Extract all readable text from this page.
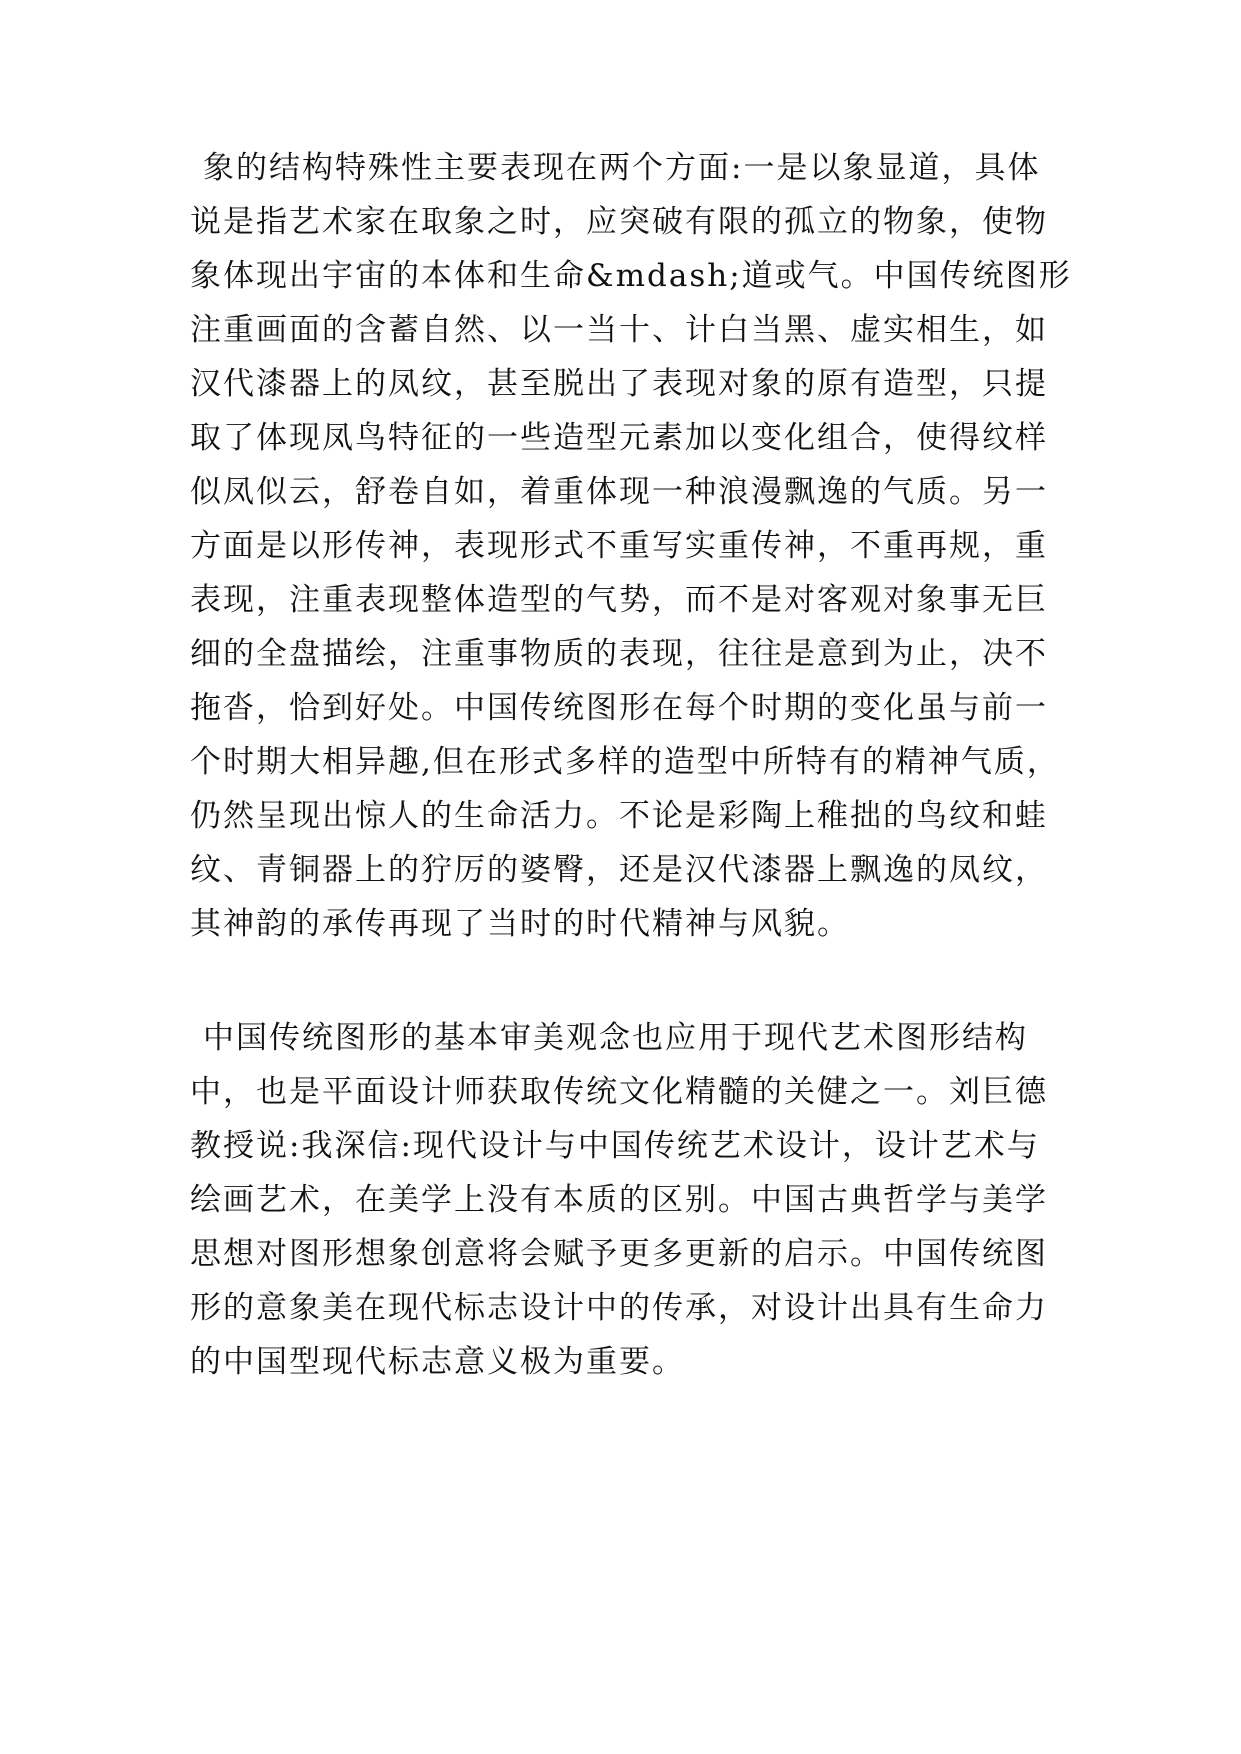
象的结构特殊性主要表现在两个方面:一是以象显道，具体

说是指艺术家在取象之时，应突破有限的孤立的物象，使物

象体现出宇宙的本体和生命&mdash;道或气。中国传统图形

注重画面的含蓄自然、以一当十、计白当黑、虚实相生，如

汉代漆器上的凤纹，甚至脱出了表现对象的原有造型，只提

取了体现凤鸟特征的一些造型元素加以变化组合，使得纹样

似凤似云，舒卷自如，着重体现一种浪漫飘逸的气质。另一

方面是以形传神，表现形式不重写实重传神，不重再规，重

表现，注重表现整体造型的气势，而不是对客观对象事无巨

细的全盘描绘，注重事物质的表现，往往是意到为止，决不

拖沓，恰到好处。中国传统图形在每个时期的变化虽与前一

个时期大相异趣,但在形式多样的造型中所特有的精神气质，

仍然呈现出惊人的生命活力。不论是彩陶上稚拙的鸟纹和蛙

纹、青铜器上的狞厉的婆臀，还是汉代漆器上飘逸的凤纹，

其神韵的承传再现了当时的时代精神与风貌。

中国传统图形的基本审美观念也应用于现代艺术图形结构

中，也是平面设计师获取传统文化精髓的关健之一。刘巨德

教授说:我深信:现代设计与中国传统艺术设计，设计艺术与

绘画艺术，在美学上没有本质的区别。中国古典哲学与美学

思想对图形想象创意将会赋予更多更新的启示。中国传统图

形的意象美在现代标志设计中的传承，对设计出具有生命力

的中国型现代标志意义极为重要。
